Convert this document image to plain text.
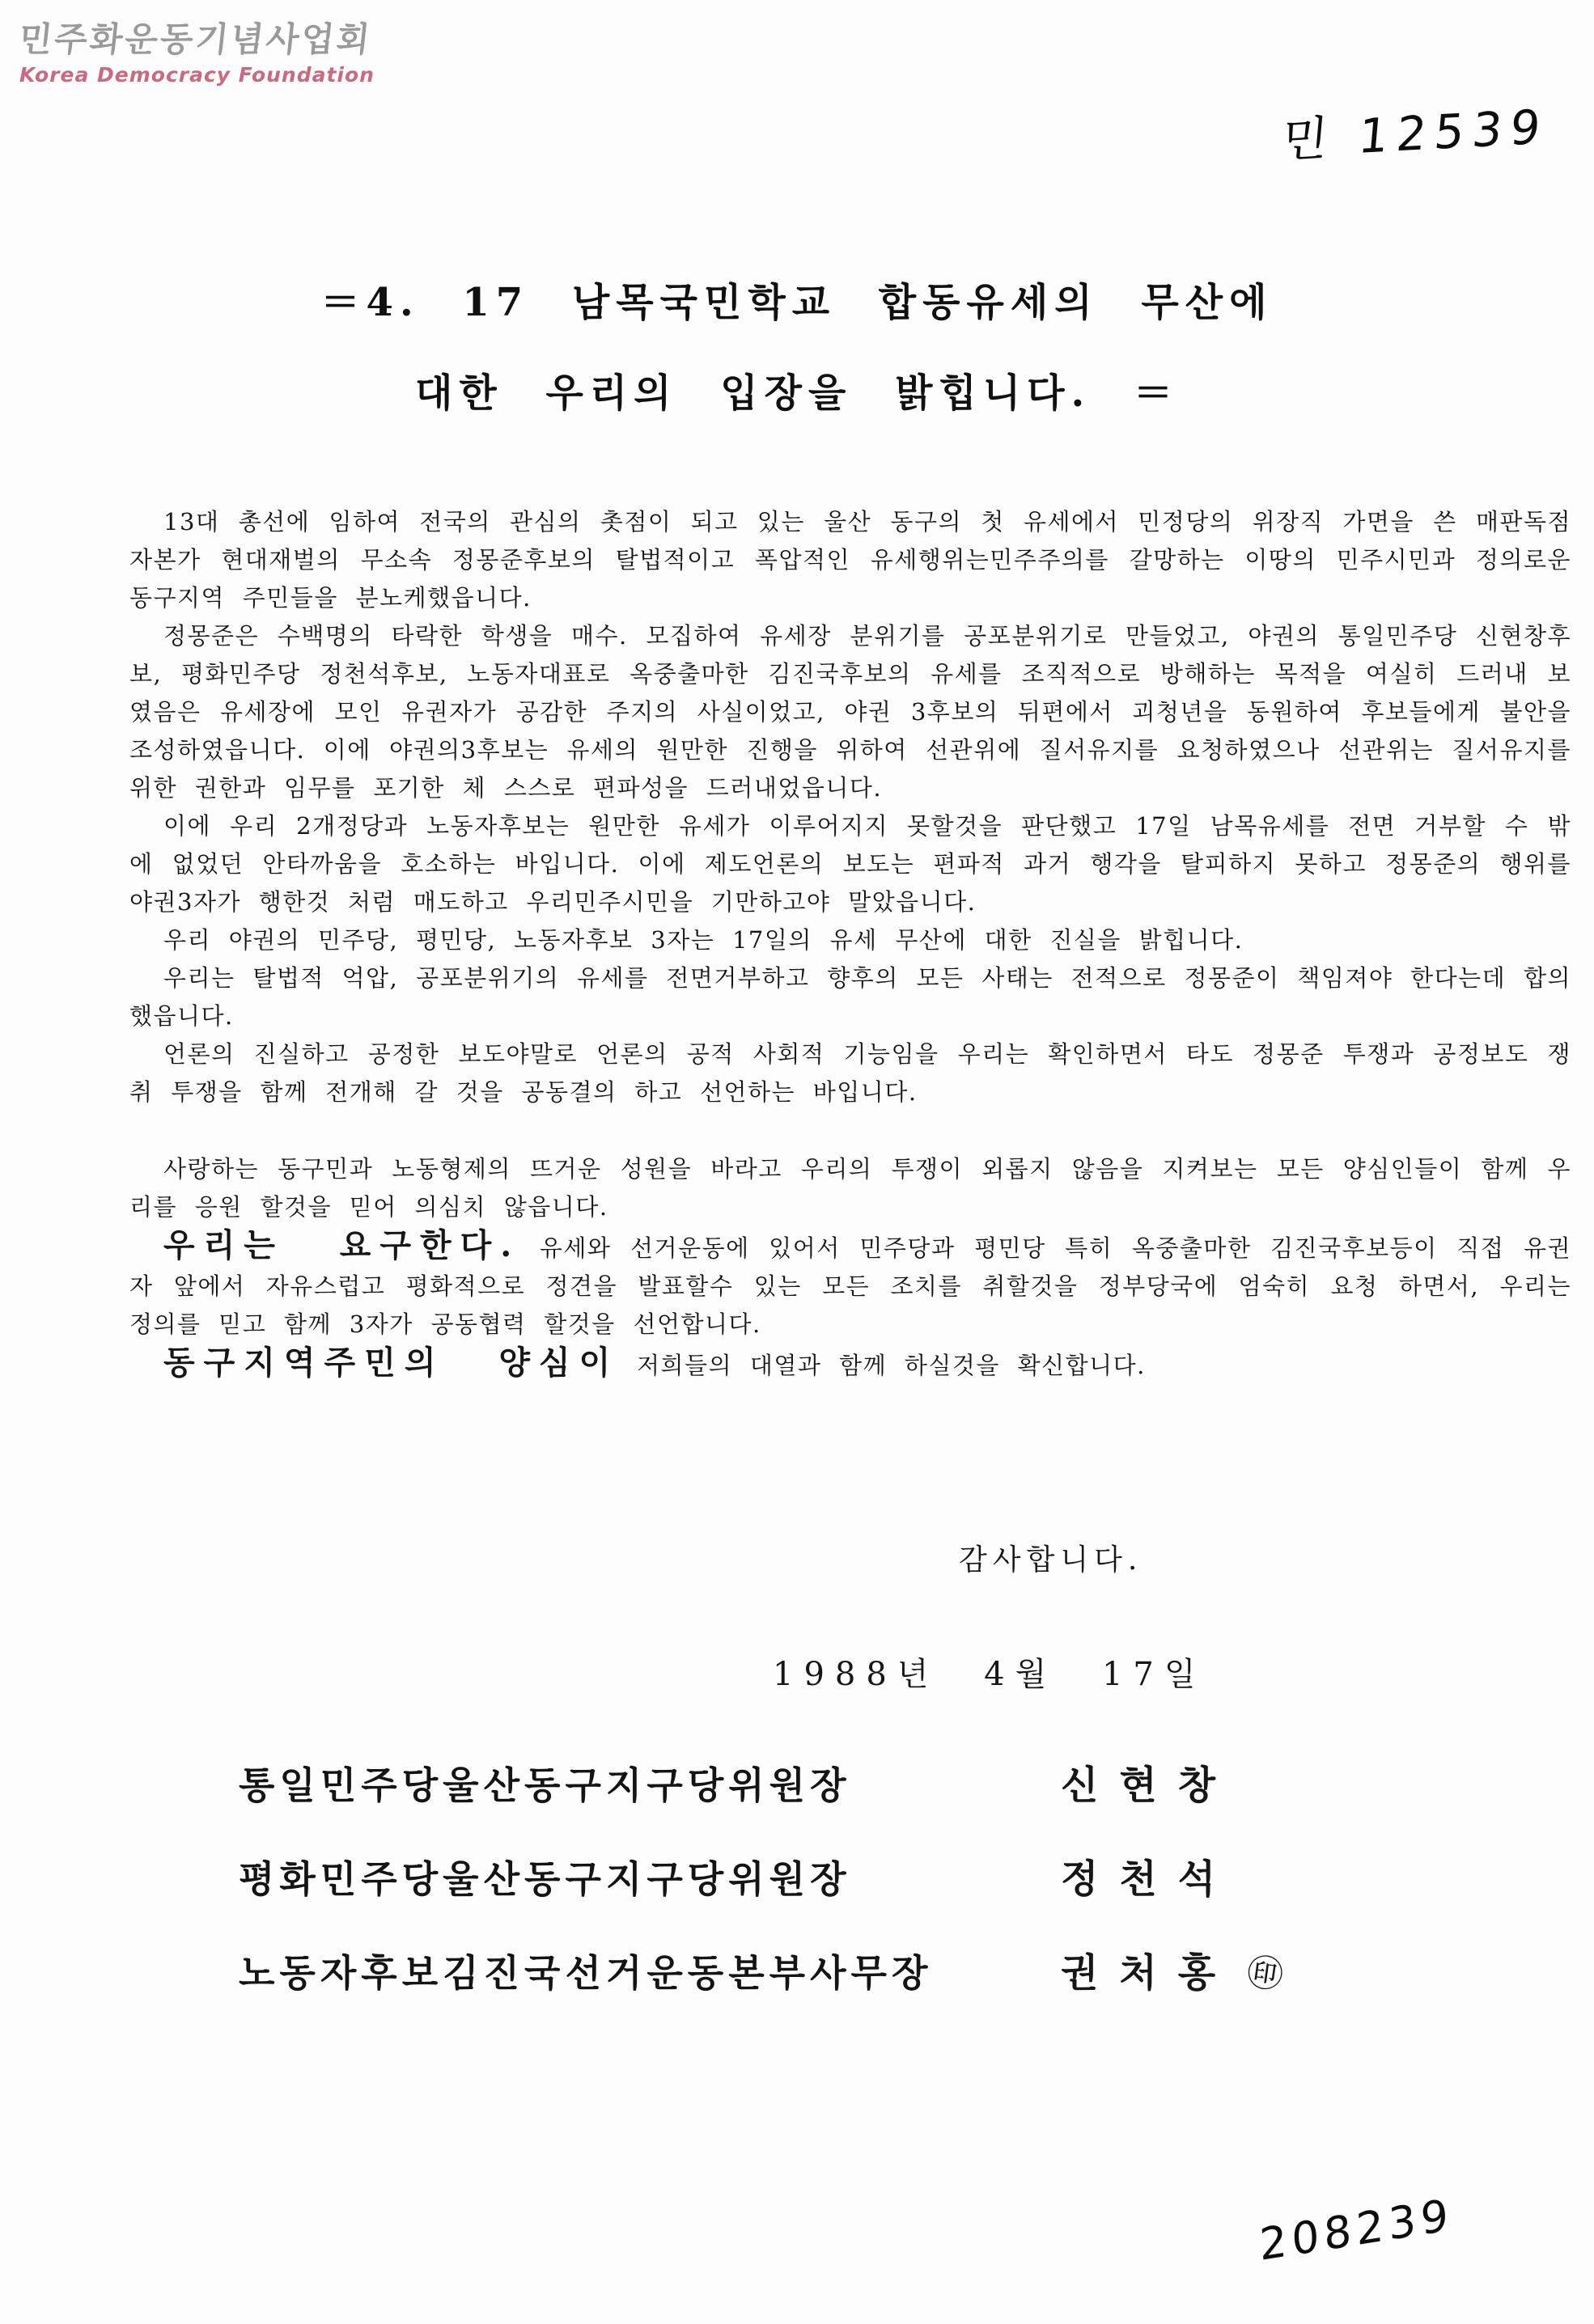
민주화운동기념사업회
Korea Democracy Foundation
민 12539
＝4. 17 남목국민학교 합동유세의 무산에
대한 우리의 입장을 밝힙니다. ＝

13대 총선에 임하여 전국의 관심의 촛점이 되고 있는 울산 동구의 첫 유세에서 민정당의 위장직 가면을 쓴 매판독점자본가 현대재벌의 무소속 정몽준후보의 탈법적이고 폭압적인 유세행위는민주주의를 갈망하는 이땅의 민주시민과 정의로운 동구지역 주민들을 분노케했읍니다.

정몽준은 수백명의 타락한 학생을 매수. 모집하여 유세장 분위기를 공포분위기로 만들었고, 야권의 통일민주당 신현창후보, 평화민주당 정천석후보, 노동자대표로 옥중출마한 김진국후보의 유세를 조직적으로 방해하는 목적을 여실히 드러내 보였음은 유세장에 모인 유권자가 공감한 주지의 사실이었고, 야권 3후보의 뒤편에서 괴청년을 동원하여 후보들에게 불안을 조성하였읍니다. 이에 야권의3후보는 유세의 원만한 진행을 위하여 선관위에 질서유지를 요청하였으나 선관위는 질서유지를 위한 권한과 임무를 포기한 체 스스로 편파성을 드러내었읍니다.

이에 우리 2개정당과 노동자후보는 원만한 유세가 이루어지지 못할것을 판단했고 17일 남목유세를 전면 거부할 수 밖에 없었던 안타까움을 호소하는 바입니다. 이에 제도언론의 보도는 편파적 과거 행각을 탈피하지 못하고 정몽준의 행위를 야권3자가 행한것 처럼 매도하고 우리민주시민을 기만하고야 말았읍니다.

우리 야권의 민주당, 평민당, 노동자후보 3자는 17일의 유세 무산에 대한 진실을 밝힙니다.

우리는 탈법적 억압, 공포분위기의 유세를 전면거부하고 향후의 모든 사태는 전적으로 정몽준이 책임져야 한다는데 합의했읍니다.

언론의 진실하고 공정한 보도야말로 언론의 공적 사회적 기능임을 우리는 확인하면서 타도 정몽준 투쟁과 공정보도 쟁취 투쟁을 함께 전개해 갈 것을 공동결의 하고 선언하는 바입니다.

사랑하는 동구민과 노동형제의 뜨거운 성원을 바라고 우리의 투쟁이 외롭지 않음을 지켜보는 모든 양심인들이 함께 우리를 응원 할것을 믿어 의심치 않읍니다.

우리는 요구한다. 유세와 선거운동에 있어서 민주당과 평민당 특히 옥중출마한 김진국후보등이 직접 유권자 앞에서 자유스럽고 평화적으로 정견을 발표할수 있는 모든 조치를 취할것을 정부당국에 엄숙히 요청 하면서, 우리는 정의를 믿고 함께 3자가 공동협력 할것을 선언합니다.

동구지역주민의 양심이 저희들의 대열과 함께 하실것을 확신합니다.

감사합니다.
1988년 4월 17일
통일민주당울산동구지구당위원장	신현창
평화민주당울산동구지구당위원장	정천석
노동자후보김진국선거운동본부사무장	권처홍 ㊞
208239
